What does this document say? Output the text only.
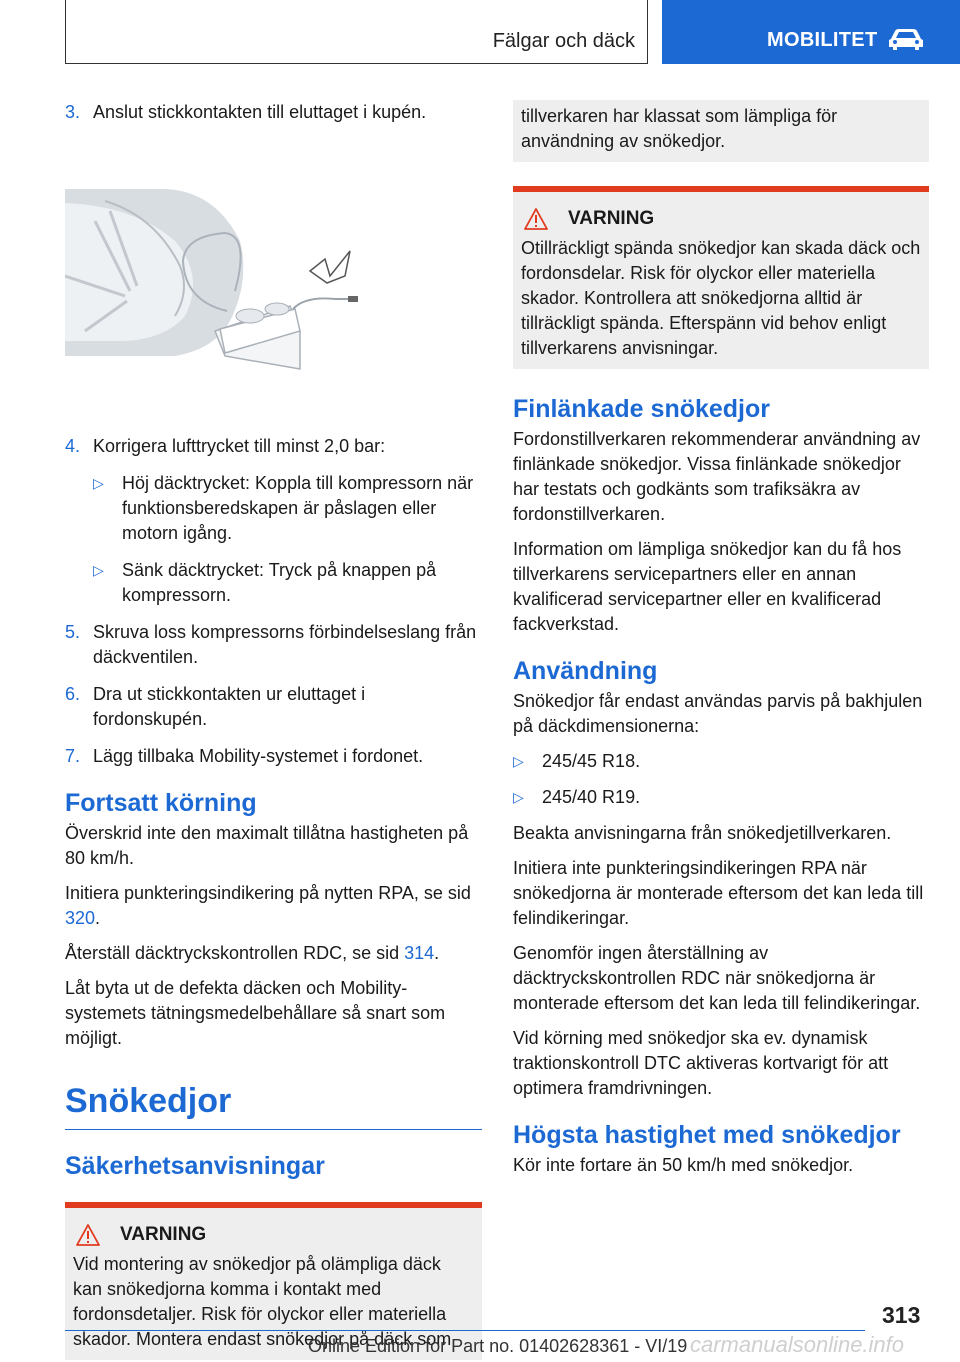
Fälgar och däck	MOBILITET
3. Anslut stickkontakten till eluttaget i kupén.
4. Korrigera lufttrycket till minst 2,0 bar:
▷ Höj däcktrycket: Koppla till kompressorn när funktionsberedskapen är påslagen eller motorn igång.
▷ Sänk däcktrycket: Tryck på knappen på kompressorn.
5. Skruva loss kompressorns förbindelseslang från däckventilen.
6. Dra ut stickkontakten ur eluttaget i fordonskupén.
7. Lägg tillbaka Mobility-systemet i fordonet.
Fortsatt körning

Överskrid inte den maximalt tillåtna hastigheten på 80 km/h.

Initiera punkteringsindikering på nytten RPA, se sid 320.

Återställ däcktryckskontrollen RDC, se sid 314.

Låt byta ut de defekta däcken och Mobility-systemets tätningsmedelbehållare så snart som möjligt.

Snökedjor
Säkerhetsanvisningar
VARNING

Vid montering av snökedjor på olämpliga däck kan snökedjorna komma i kontakt med fordonsdetaljer. Risk för olyckor eller materiella skador. Montera endast snökedjor på däck som

tillverkaren har klassat som lämpliga för användning av snökedjor.

VARNING

Otillräckligt spända snökedjor kan skada däck och fordonsdelar. Risk för olyckor eller materiella skador. Kontrollera att snökedjorna alltid är tillräckligt spända. Efterspänn vid behov enligt tillverkarens anvisningar.

Finlänkade snökedjor

Fordonstillverkaren rekommenderar användning av finlänkade snökedjor. Vissa finlänkade snökedjor har testats och godkänts som trafiksäkra av fordonstillverkaren.

Information om lämpliga snökedjor kan du få hos tillverkarens servicepartners eller en annan kvalificerad servicepartner eller en kvalificerad fackverkstad.

Användning

Snökedjor får endast användas parvis på bakhjulen på däckdimensionerna:

▷ 245/45 R18.
▷ 245/40 R19.

Beakta anvisningarna från snökedjetillverkaren.

Initiera inte punkteringsindikeringen RPA när snökedjorna är monterade eftersom det kan leda till felindikeringar.

Genomför ingen återställning av däcktryckskontrollen RDC när snökedjorna är monterade eftersom det kan leda till felindikeringar.

Vid körning med snökedjor ska ev. dynamisk traktionskontroll DTC aktiveras kortvarigt för att optimera framdrivningen.

Högsta hastighet med snökedjor

Kör inte fortare än 50 km/h med snökedjor.

313
Online Edition for Part no. 01402628361 - VI/19 carmanualsonline.info
